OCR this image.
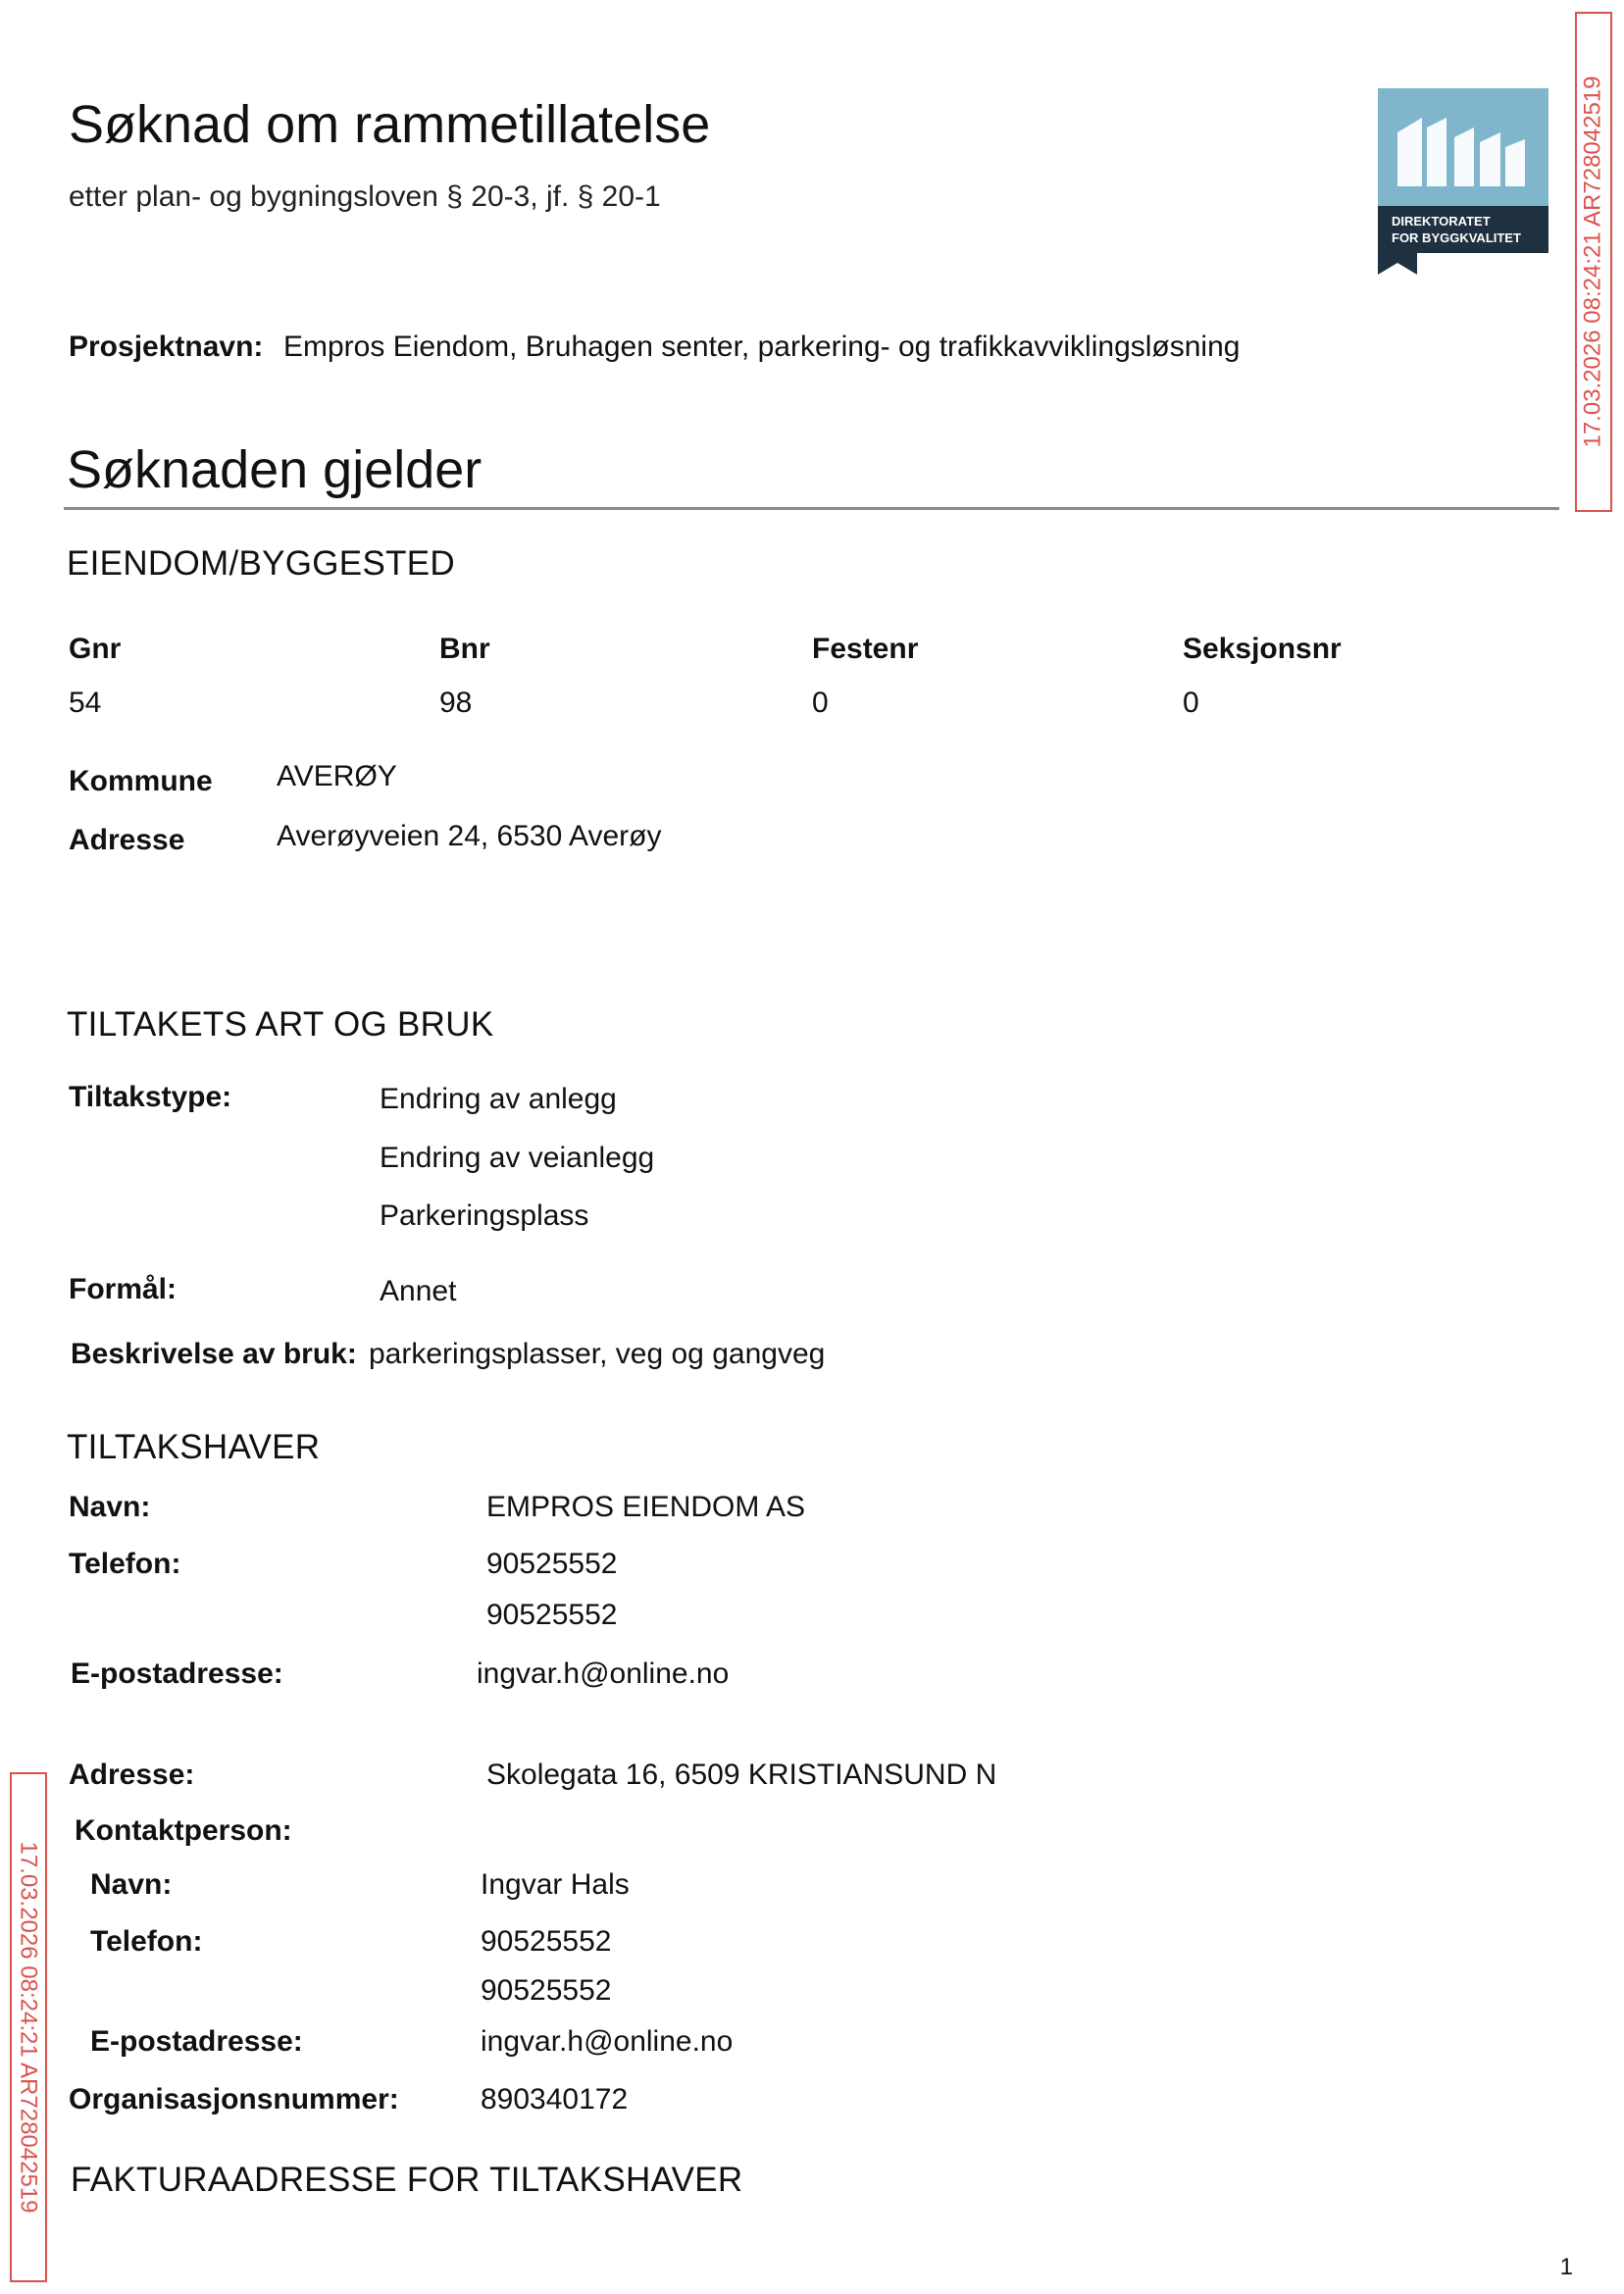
Søknad om rammetillatelse
etter plan- og bygningsloven § 20-3, jf. § 20-1
DIREKTORATET
FOR BYGGKVALITET	17.03.2026 08:24:21 AR728042519
17.03.2026 08:24:21 AR728042519
Prosjektnavn: Empros Eiendom, Bruhagen senter, parkering- og trafikkavviklingsløsning
Søknaden gjelder
EIENDOM/BYGGESTED
Gnr	Bnr	Festenr	Seksjonsnr
54	98	0	0
Kommune AVERØY
Adresse	Averøyveien 24, 6530 Averøy
TILTAKETS ART OG BRUK
Tiltakstype:	Endring av anlegg
Endring av veianlegg
Parkeringsplass
Formål:	Annet
Beskrivelse av bruk: parkeringsplasser, veg og gangveg
TILTAKSHAVER
Navn:	EMPROS EIENDOM AS
Telefon:	90525552
90525552
E-postadresse:	ingvar.h@online.no
Adresse:	Skolegata 16, 6509 KRISTIANSUND N
Kontaktperson:
Navn:	Ingvar Hals
Telefon:	90525552
90525552
E-postadresse:	ingvar.h@online.no
Organisasjonsnummer:	890340172
FAKTURAADRESSE FOR TILTAKSHAVER
1
